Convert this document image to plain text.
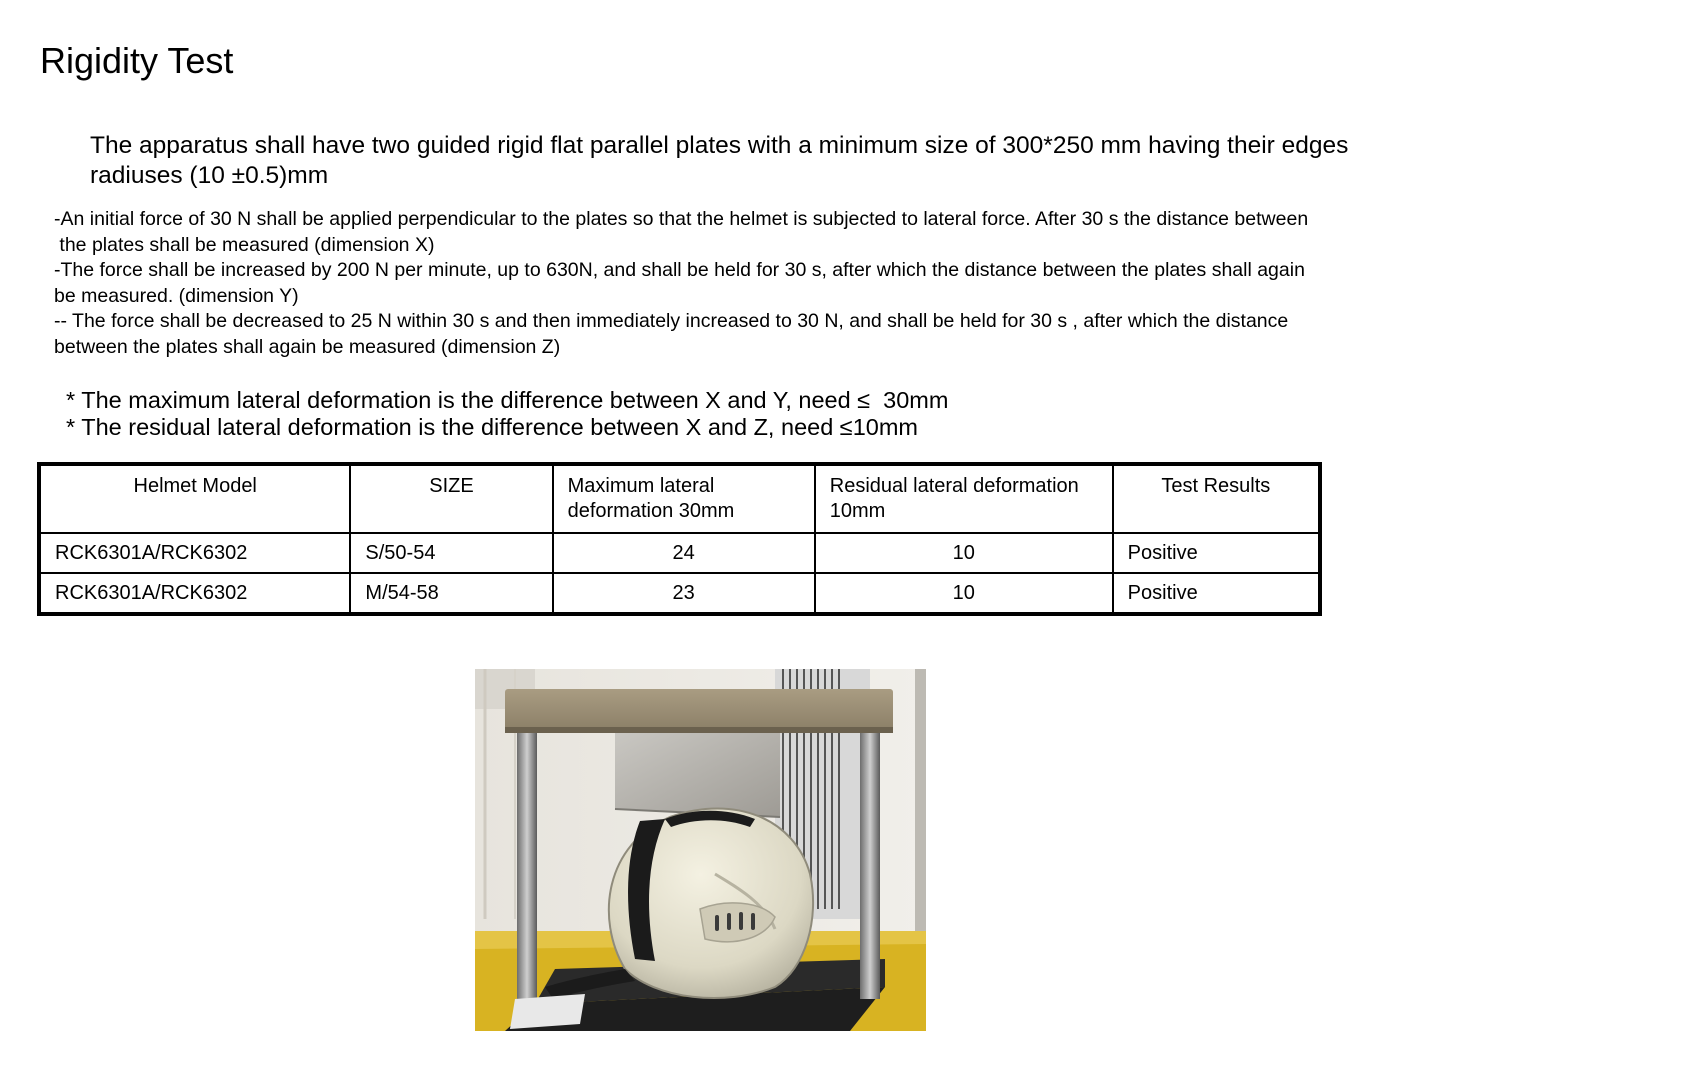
Rigidity Test
The apparatus shall have two guided rigid flat parallel plates with a minimum size of 300*250 mm having their edges radiuses (10 ±0.5)mm

-An initial force of 30 N shall be applied perpendicular to the plates so that the helmet is subjected to lateral force. After 30 s the distance between

the plates shall be measured (dimension X)

-The force shall be increased by 200 N per minute, up to 630N, and shall be held for 30 s, after which the distance between the plates shall again

be measured. (dimension Y)

-- The force shall be decreased to 25 N within 30 s and then immediately increased to 30 N, and shall be held for 30 s , after which the distance

between the plates shall again be measured (dimension Z)

* The maximum lateral deformation is the difference between X and Y, need ≤  30mm

* The residual lateral deformation is the difference between X and Z, need ≤10mm

Helmet Model	SIZE	Maximum lateral deformation 30mm	Residual lateral deformation 10mm	Test Results
RCK6301A/RCK6302	S/50-54	24	10	Positive
RCK6301A/RCK6302	M/54-58	23	10	Positive
